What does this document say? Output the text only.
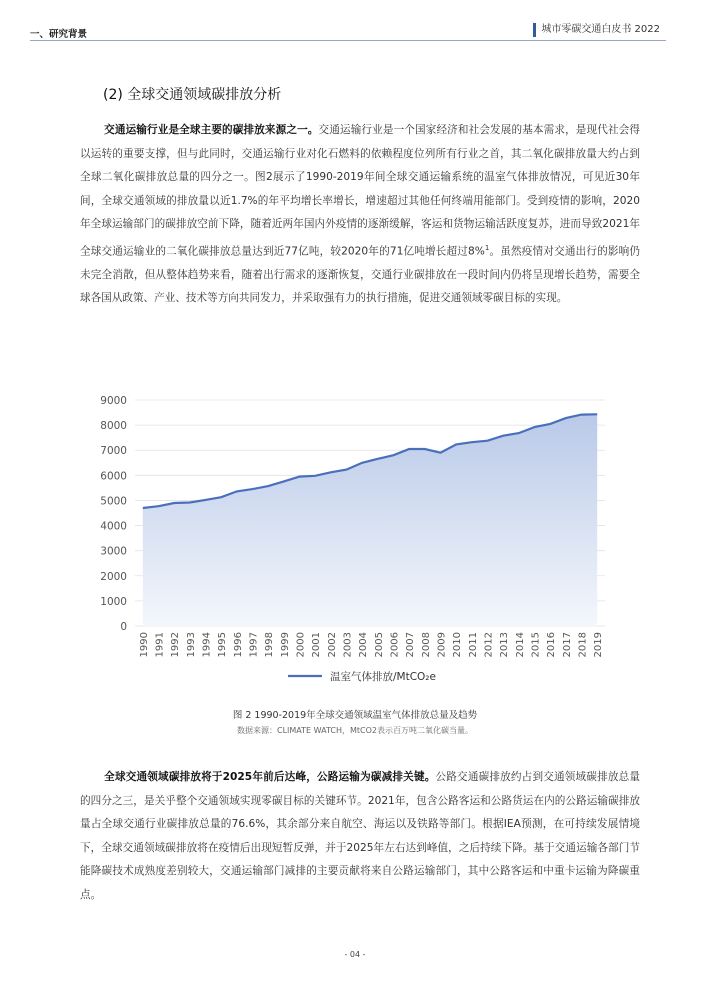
一、研究背景	城市零碳交通白皮书 2022
(2) 全球交通领域碳排放分析
交通运输行业是全球主要的碳排放来源之一。交通运输行业是一个国家经济和社会发展的基本需求，是现代社会得以运转的重要支撑，但与此同时，交通运输行业对化石燃料的依赖程度位列所有行业之首，其二氧化碳排放量大约占到全球二氧化碳排放总量的四分之一。图2展示了1990-2019年间全球交通运输系统的温室气体排放情况，可见近30年间，全球交通领域的排放量以近1.7%的年平均增长率增长，增速超过其他任何终端用能部门。受到疫情的影响，2020年全球运输部门的碳排放空前下降，随着近两年国内外疫情的逐渐缓解，客运和货物运输活跃度复苏，进而导致2021年全球交通运输业的二氧化碳排放总量达到近77亿吨，较2020年的71亿吨增长超过8%$^1$。虽然疫情对交通出行的影响仍未完全消散，但从整体趋势来看，随着出行需求的逐渐恢复，交通行业碳排放在一段时间内仍将呈现增长趋势，需要全球各国从政策、产业、技术等方向共同发力，并采取强有力的执行措施，促进交通领域零碳目标的实现。
0
1000
2000
3000
4000
5000
6000
7000
8000
9000
1990 1991 1992 1993 1994 1995 1996 1997 1998 1999 2000 2001 2002 2003 2004 2005 2006 2007 2008 2009 2010 2011 2012 2013 2014 2015 2016 2017 2018 2019
温室气体排放/MtCO₂e
图 2 1990-2019年全球交通领域温室气体排放总量及趋势
数据来源：CLIMATE WATCH，MtCO2表示百万吨二氧化碳当量。
全球交通领域碳排放将于2025年前后达峰，公路运输为碳减排关键。公路交通碳排放约占到交通领域碳排放总量的四分之三，是关乎整个交通领域实现零碳目标的关键环节。2021年，包含公路客运和公路货运在内的公路运输碳排放量占全球交通行业碳排放总量的76.6%，其余部分来自航空、海运以及铁路等部门。根据IEA预测，在可持续发展情境下，全球交通领域碳排放将在疫情后出现短暂反弹，并于2025年左右达到峰值，之后持续下降。基于交通运输各部门节能降碳技术成熟度差别较大，交通运输部门减排的主要贡献将来自公路运输部门，其中公路客运和中重卡运输为降碳重点。
- 04 -
